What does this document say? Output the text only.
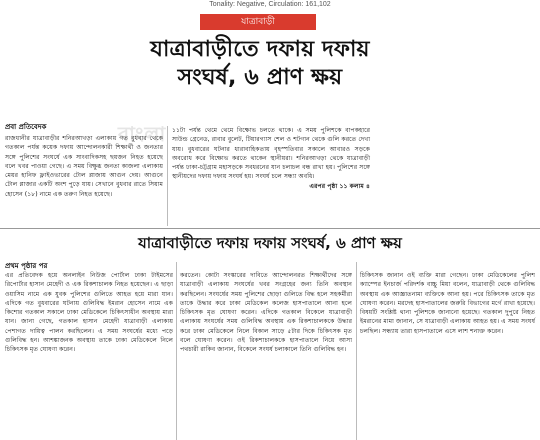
Tonality: Negative, Circulation: 161,102
যাত্রাবাড়ী
যাত্রাবাড়ীতে দফায় দফায়
সংঘর্ষ, ৬ প্রাণ ক্ষয়
বাংলা
প্রবা প্রতিবেদক

রাজধানীর যাত্রাবাড়ীর শনিরআখড়া এলাকায় গত বুধবার থেকে গতকাল পর্যন্ত কয়েক দফায় আন্দোলনকারী শিক্ষার্থী ও জনতার সঙ্গে পুলিশের সংঘর্ষে এক সাংবাদিকসহ ছয়জন নিহত হয়েছে বলে খবর পাওয়া গেছে। এ সময় বিক্ষুব্ধ জনতা কাজলা এলাকায় মেয়র হানিফ ফ্লাইওভারের টোল প্লাজায় আগুন দেয়। আগুনে টোল প্লাজার একটি অংশ পুড়ে যায়। সেখানে বুধবার রাতে সিয়াম হোসেন (১৮) নামে এক তরুণ নিহত হয়েছে।

১১টা পর্যন্ত থেমে থেমে বিক্ষোভ চলতে থাকে। এ সময় পুলিশকে বাপকহারে সাউন্ড গ্রেনেড, রাবার বুলেট, টিয়ারগ্যাস শেল ও শটগান থেকে গুলি করতে দেখা যায়। বুধবারের ঘটনার ধারাবাহিকতায় বৃহস্পতিবার সকালে আবারও সড়কে অবরোধ করে বিক্ষোভ করতে থাকেন স্থানীয়রা। শনিরআখড়া থেকে যাত্রাবাড়ী পর্যন্ত ঢাকা-চট্টগ্রাম মহাসড়কে সবধরনের যান চলাচল বন্ধ রাখা হয়। পুলিশের সঙ্গে স্থানীয়দের দফায় দফায় সংঘর্ষ হয়। সংঘর্ষ চলে সন্ধ্যা অবধি।

এরপর পৃষ্ঠা ১১ কলাম ৪

যাত্রাবাড়ীতে দফায় দফায় সংঘর্ষ, ৬ প্রাণ ক্ষয়
প্রথম পৃষ্ঠার পর

এর প্রতিবেদক হয়ে অনলাইন নিউজ পোর্টাল ঢাকা টাইমসের রিপোর্টার হাসান মেহেদী ও এক রিকশাচালক নিহত হয়েছেন। এ ছাড়া ওয়াসিম নামে এক যুবক পুলিশের গুলিতে আহত হয়ে মারা যান। এদিকে গত বুধবারের ঘটনায় গুলিবিদ্ধ ইমরান হোসেন নামে এক কিশোর গতকাল সকালে ঢাকা মেডিকেলে চিকিৎসাধীন অবস্থায় মারা যান। জানা গেছে, গতকাল হাসান মেহেদী যাত্রাবাড়ী এলাকায় পেশাগত দায়িত্ব পালন করছিলেন। এ সময় সংঘর্ষের মধ্যে পড়ে গুলিবিদ্ধ হন। আশঙ্কাজনক অবস্থায় তাকে ঢাকা মেডিকেলে নিলে চিকিৎসক মৃত ঘোষণা করেন।

করতেন। কোটা সংস্কারের দাবিতে আন্দোলনরত শিক্ষার্থীদের সঙ্গে যাত্রাবাড়ী এলাকায় সংঘর্ষের খবর সংগ্রহের জন্য তিনি অবস্থান করছিলেন। সংঘর্ষের সময় পুলিশের ছোড়া গুলিতে বিদ্ধ হলে সহকর্মীরা তাকে উদ্ধার করে ঢাকা মেডিকেল কলেজ হাসপাতালে আনা হলে চিকিৎসক মৃত ঘোষণা করেন। এদিকে গতকাল বিকেলে যাত্রাবাড়ী এলাকায় সংঘর্ষের সময় গুলিবিদ্ধ অবস্থায় এক রিকশাচালককে উদ্ধার করে ঢাকা মেডিকেলে নিলে বিকাল সাড়ে ৫টার দিকে চিকিৎসক মৃত বলে ঘোষণা করেন। ওই রিকশাচালককে হাসপাতালে নিয়ে আসা পথচারী রাকিব জানান, বিকেলে সংঘর্ষ চলাকালে তিনি গুলিবিদ্ধ হন।

চিকিৎসক জানান ওই ব্যক্তি মারা গেছেন। ঢাকা মেডিকেলের পুলিশ ক্যাম্পের ইনচার্জ পরিদর্শক বাচ্চু মিয়া বলেন, যাত্রাবাড়ী থেকে গুলিবিদ্ধ অবস্থায় এক আজ্ঞাতনামা ব্যক্তিকে আনা হয়। পরে চিকিৎসক তাকে মৃত ঘোষণা করেন। মরদেহ হাসপাতালের জরুরি বিভাগের মর্গে রাখা হয়েছে। বিষয়টি সংশ্লিষ্ট থানা পুলিশকে জানানো হয়েছে। গতকাল দুপুরে নিহত ইমরানের মামা জানান, সে যাত্রাবাড়ী এলাকায় আহত হয়। এ সময় সংঘর্ষ চলছিল। সন্ধ্যায় তারা হাসপাতালে এসে লাশ শনাক্ত করেন।
